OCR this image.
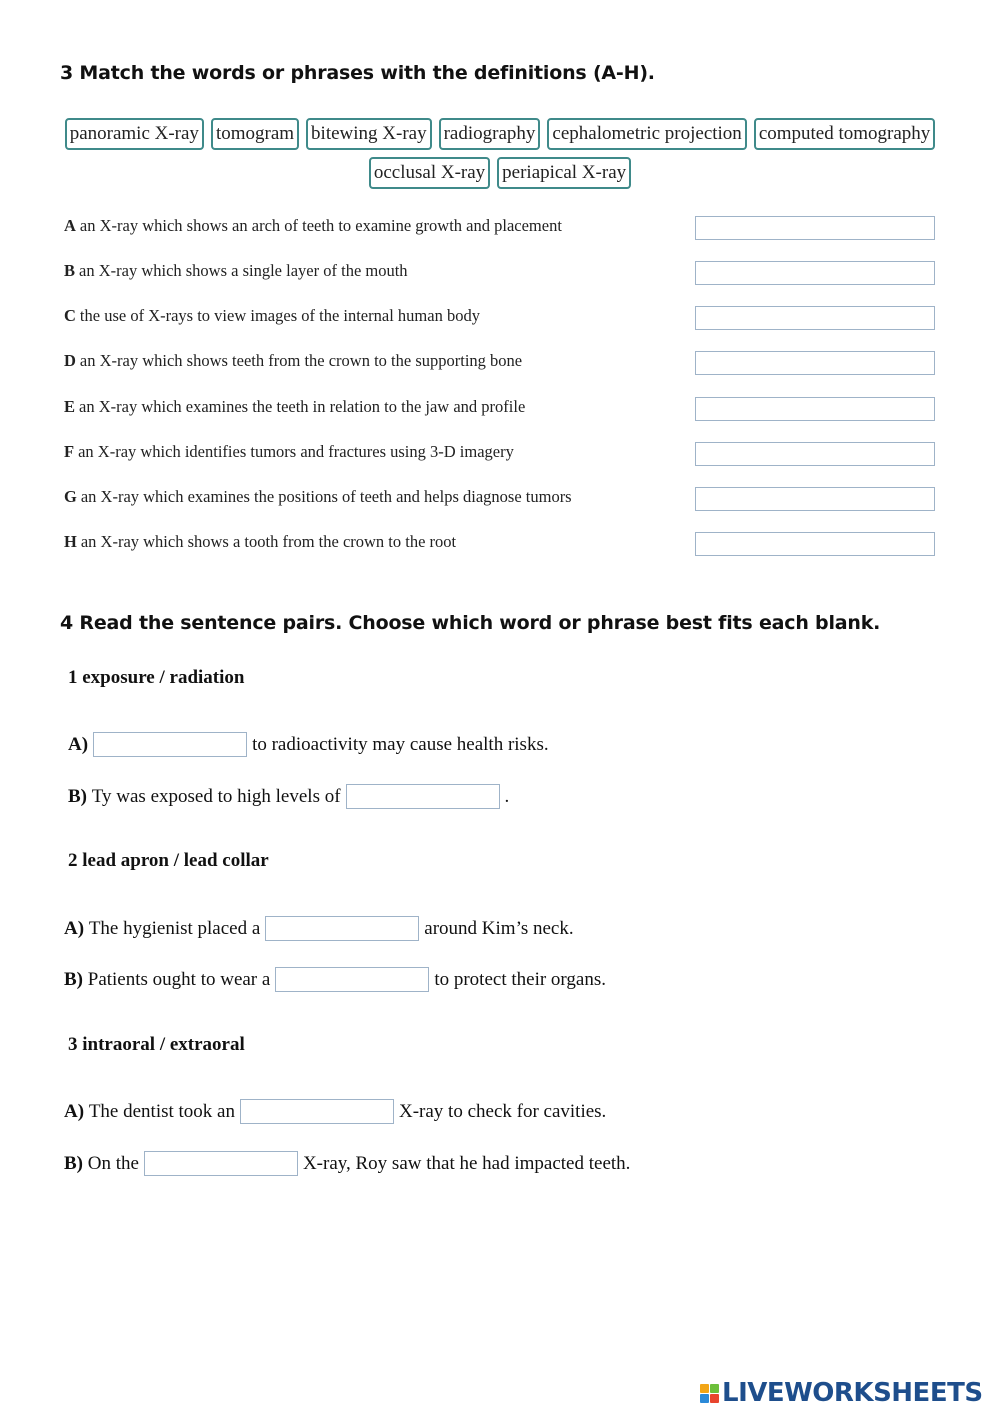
3 Match the words or phrases with the definitions (A-H).
panoramic X-ray tomogram bitewing X-ray radiography cephalometric projection computed tomography
occlusal X-ray periapical X-ray
A an X-ray which shows an arch of teeth to examine growth and placement
B an X-ray which shows a single layer of the mouth
C the use of X-rays to view images of the internal human body
D an X-ray which shows teeth from the crown to the supporting bone
E an X-ray which examines the teeth in relation to the jaw and profile
F an X-ray which identifies tumors and fractures using 3-D imagery
G an X-ray which examines the positions of teeth and helps diagnose tumors
H an X-ray which shows a tooth from the crown to the root
4 Read the sentence pairs. Choose which word or phrase best fits each blank.
1 exposure / radiation
A)	to radioactivity may cause health risks.
B)
Ty was exposed to high levels of	.
2 lead apron / lead collar
A)
The hygienist placed a	around Kim’s neck.
B)
Patients ought to wear a	to protect their organs.
3 intraoral / extraoral
A)
The dentist took an	X-ray to check for cavities.
B)
On the	X-ray, Roy saw that he had impacted teeth.
LIVEWORKSHEETS
